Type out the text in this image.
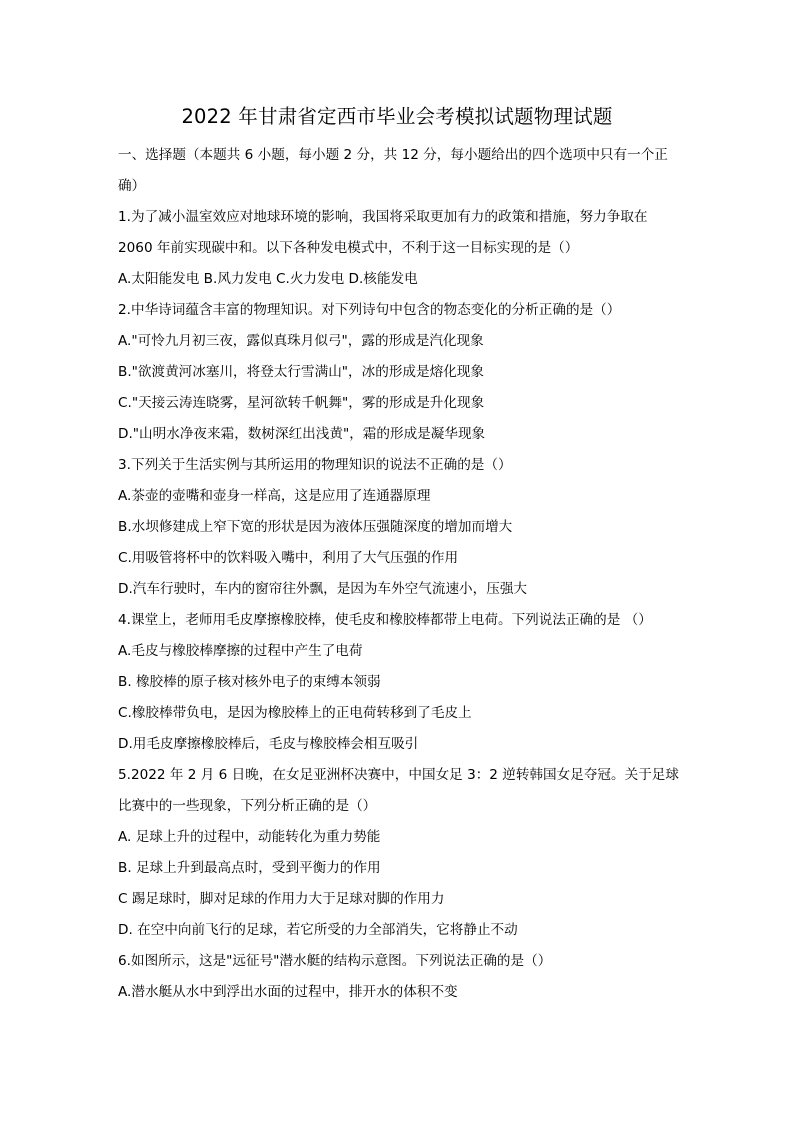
2022 年甘肃省定西市毕业会考模拟试题物理试题
一、选择题（本题共 6 小题，每小题 2 分，共 12 分，每小题给出的四个选项中只有一个正
确）
1.为了减小温室效应对地球环境的影响，我国将采取更加有力的政策和措施，努力争取在
2060 年前实现碳中和。以下各种发电模式中，不利于这一目标实现的是（）
A.太阳能发电 B.风力发电 C.火力发电 D.核能发电
2.中华诗词蕴含丰富的物理知识。对下列诗句中包含的物态变化的分析正确的是（）
A."可怜九月初三夜，露似真珠月似弓"，露的形成是汽化现象
B."欲渡黄河冰塞川，将登太行雪满山"，冰的形成是熔化现象
C."天接云涛连晓雾，星河欲转千帆舞"，雾的形成是升化现象
D."山明水净夜来霜，数树深红出浅黄"，霜的形成是凝华现象
3.下列关于生活实例与其所运用的物理知识的说法不正确的是（）
A.茶壶的壶嘴和壶身一样高，这是应用了连通器原理
B.水坝修建成上窄下宽的形状是因为液体压强随深度的增加而增大
C.用吸管将杯中的饮料吸入嘴中，利用了大气压强的作用
D.汽车行驶时，车内的窗帘往外飘，是因为车外空气流速小，压强大
4.课堂上，老师用毛皮摩擦橡胶棒，使毛皮和橡胶棒都带上电荷。下列说法正确的是 （）
A.毛皮与橡胶棒摩擦的过程中产生了电荷
B. 橡胶棒的原子核对核外电子的束缚本领弱
C.橡胶棒带负电，是因为橡胶棒上的正电荷转移到了毛皮上
D.用毛皮摩擦橡胶棒后，毛皮与橡胶棒会相互吸引
5.2022 年 2 月 6 日晚，在女足亚洲杯决赛中，中国女足 3：2 逆转韩国女足夺冠。关于足球
比赛中的一些现象，下列分析正确的是（）
A. 足球上升的过程中，动能转化为重力势能
B. 足球上升到最高点时，受到平衡力的作用
C 踢足球时，脚对足球的作用力大于足球对脚的作用力
D. 在空中向前飞行的足球，若它所受的力全部消失，它将静止不动
6.如图所示，这是"远征号"潜水艇的结构示意图。下列说法正确的是（）
A.潜水艇从水中到浮出水面的过程中，排开水的体积不变
